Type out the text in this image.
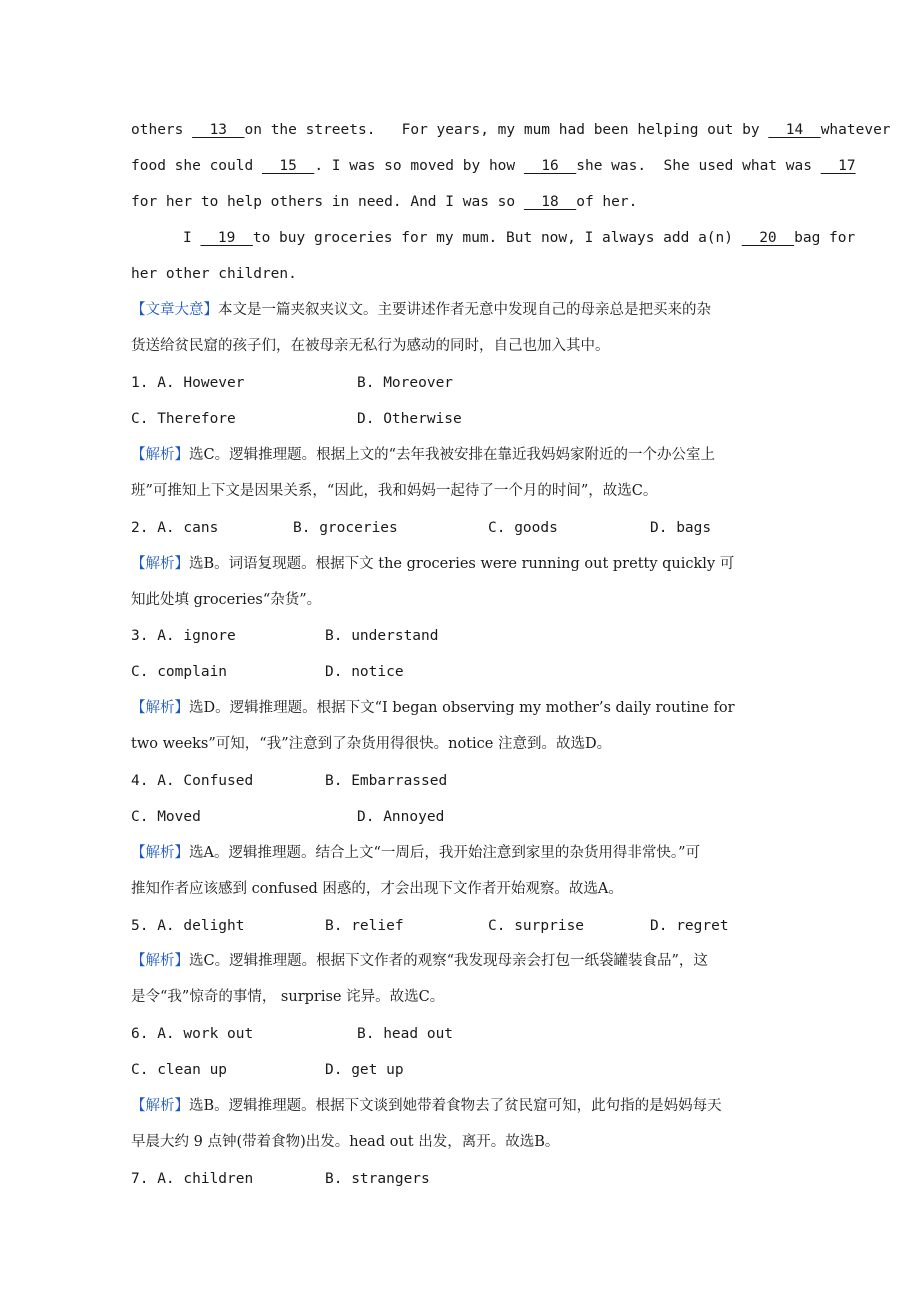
others   13  on the streets.   For years, my mum had been helping out by   14  whatever
food she could   15  . I was so moved by how   16  she was.  She used what was   17
for her to help others in need. And I was so   18  of her.
I   19  to buy groceries for my mum. But now, I always add a(n)   20  bag for
her other children.
【文章大意】本文是一篇夹叙夹议文。主要讲述作者无意中发现自己的母亲总是把买来的杂
货送给贫民窟的孩子们，在被母亲无私行为感动的同时，自己也加入其中。
1. A. However	B. Moreover
C. Therefore	D. Otherwise
【解析】选C。逻辑推理题。根据上文的“去年我被安排在靠近我妈妈家附近的一个办公室上
班”可推知上下文是因果关系，“因此，我和妈妈一起待了一个月的时间”，故选C。
2. A. cans	B. groceries	C. goods	D. bags
【解析】选B。词语复现题。根据下文 the groceries were running out pretty quickly 可
知此处填 groceries“杂货”。
3. A. ignore	B. understand
C. complain	D. notice
【解析】选D。逻辑推理题。根据下文“I began observing my mother’s daily routine for
two weeks”可知，“我”注意到了杂货用得很快。notice 注意到。故选D。
4. A. Confused	B. Embarrassed
C. Moved	D. Annoyed
【解析】选A。逻辑推理题。结合上文“一周后，我开始注意到家里的杂货用得非常快。”可
推知作者应该感到 confused 困惑的，才会出现下文作者开始观察。故选A。
5. A. delight	B. relief	C. surprise	D. regret
【解析】选C。逻辑推理题。根据下文作者的观察“我发现母亲会打包一纸袋罐装食品”，这
是令“我”惊奇的事情， surprise 诧异。故选C。
6. A. work out	B. head out
C. clean up	D. get up
【解析】选B。逻辑推理题。根据下文谈到她带着食物去了贫民窟可知，此句指的是妈妈每天
早晨大约 9 点钟(带着食物)出发。head out 出发，离开。故选B。
7. A. children	B. strangers
